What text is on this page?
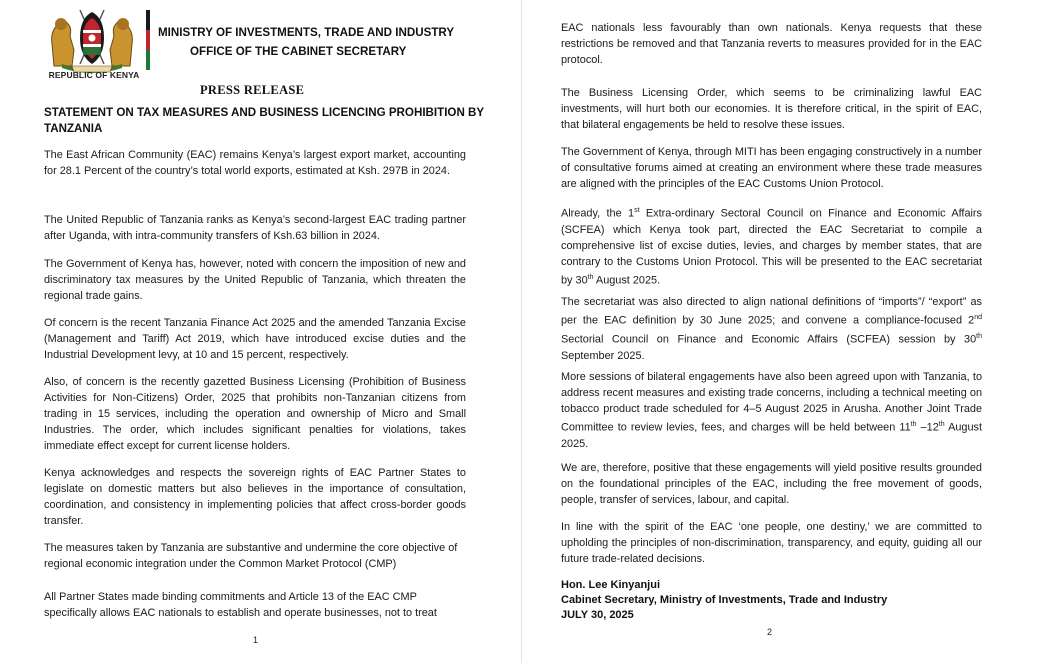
REPUBLIC OF KENYA
MINISTRY OF INVESTMENTS, TRADE AND INDUSTRY
OFFICE OF THE CABINET SECRETARY
PRESS RELEASE
STATEMENT ON TAX MEASURES AND BUSINESS LICENCING PROHIBITION BY TANZANIA

The East African Community (EAC) remains Kenya’s largest export market, accounting for 28.1 Percent of the country’s total world exports, estimated at Ksh. 297B in 2024.

The United Republic of Tanzania ranks as Kenya’s second-largest EAC trading partner after Uganda, with intra-community transfers of Ksh.63 billion in 2024.

The Government of Kenya has, however, noted with concern the imposition of new and discriminatory tax measures by the United Republic of Tanzania, which threaten the regional trade gains.

Of concern is the recent Tanzania Finance Act 2025 and the amended Tanzania Excise (Management and Tariff) Act 2019, which have introduced excise duties and the Industrial Development levy, at 10 and 15 percent, respectively.

Also, of concern is the recently gazetted Business Licensing (Prohibition of Business Activities for Non-Citizens) Order, 2025 that prohibits non-Tanzanian citizens from trading in 15 services, including the operation and ownership of Micro and Small Industries. The order, which includes significant penalties for violations, takes immediate effect except for current license holders.

Kenya acknowledges and respects the sovereign rights of EAC Partner States to legislate on domestic matters but also believes in the importance of consultation, coordination, and consistency in implementing policies that affect cross-border goods transfer.

The measures taken by Tanzania are substantive and undermine the core objective of regional economic integration under the Common Market Protocol (CMP)

All Partner States made binding commitments and Article 13 of the EAC CMP specifically allows EAC nationals to establish and operate businesses, not to treat

1

EAC nationals less favourably than own nationals. Kenya requests that these restrictions be removed and that Tanzania reverts to measures provided for in the EAC protocol.

The Business Licensing Order, which seems to be criminalizing lawful EAC investments, will hurt both our economies. It is therefore critical, in the spirit of EAC, that bilateral engagements be held to resolve these issues.

The Government of Kenya, through MITI has been engaging constructively in a number of consultative forums aimed at creating an environment where these trade measures are aligned with the principles of the EAC Customs Union Protocol.

Already, the 1st Extra-ordinary Sectoral Council on Finance and Economic Affairs (SCFEA) which Kenya took part, directed the EAC Secretariat to compile a comprehensive list of excise duties, levies, and charges by member states, that are contrary to the Customs Union Protocol. This will be presented to the EAC secretariat by 30th August 2025.

The secretariat was also directed to align national definitions of “imports”/ “export” as per the EAC definition by 30 June 2025; and convene a compliance-focused 2nd Sectorial Council on Finance and Economic Affairs (SCFEA) session by 30th September 2025.

More sessions of bilateral engagements have also been agreed upon with Tanzania, to address recent measures and existing trade concerns, including a technical meeting on tobacco product trade scheduled for 4–5 August 2025 in Arusha. Another Joint Trade Committee to review levies, fees, and charges will be held between 11th –12th August 2025.

We are, therefore, positive that these engagements will yield positive results grounded on the foundational principles of the EAC, including the free movement of goods, people, transfer of services, labour, and capital.

In line with the spirit of the EAC ‘one people, one destiny,’ we are committed to upholding the principles of non-discrimination, transparency, and equity, guiding all our future trade-related decisions.

Hon. Lee Kinyanjui
Cabinet Secretary, Ministry of Investments, Trade and Industry
JULY 30, 2025
2
